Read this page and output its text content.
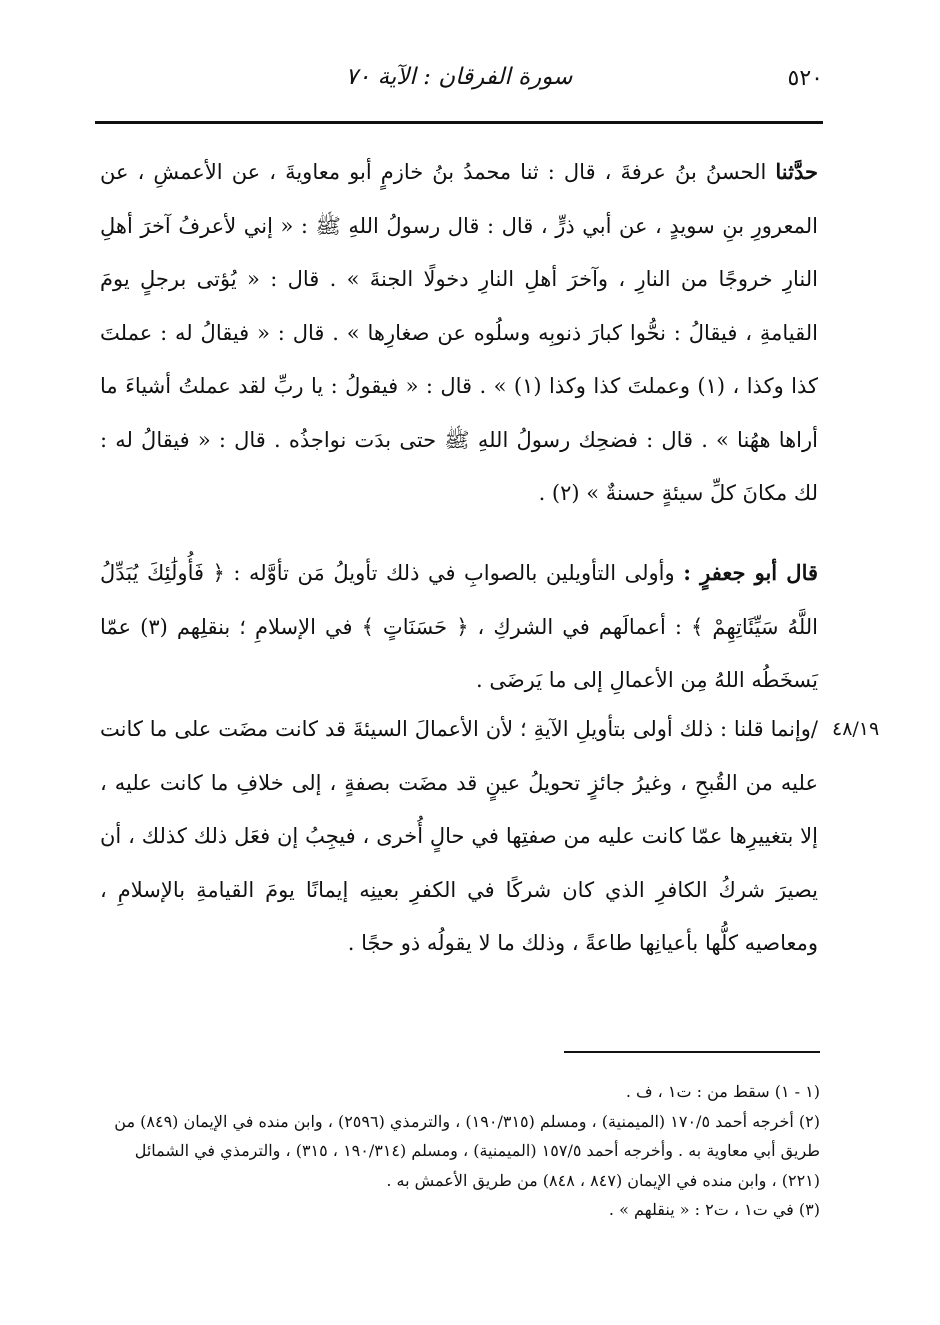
٥٢٠
سورة الفرقان : الآية ٧٠
حدَّثنا الحسنُ بنُ عرفةَ ، قال : ثنا محمدُ بنُ خازمٍ أبو معاويةَ ، عن الأعمشِ ، عن المعرورِ بنِ سويدٍ ، عن أبي ذرٍّ ، قال : قال رسولُ اللهِ ﷺ : « إني لأعرفُ آخرَ أهلِ النارِ خروجًا من النارِ ، وآخرَ أهلِ النارِ دخولًا الجنةَ » . قال : « يُؤتى برجلٍ يومَ القيامةِ ، فيقالُ : نحُّوا كبارَ ذنوبِه وسلُوه عن صغارِها » . قال : « فيقالُ له : عملتَ كذا وكذا ، (١) وعملتَ كذا وكذا (١) » . قال : « فيقولُ : يا ربِّ لقد عملتُ أشياءَ ما أراها ههُنا » . قال : فضحِك رسولُ اللهِ ﷺ حتى بدَت نواجذُه . قال : « فيقالُ له : لك مكانَ كلِّ سيئةٍ حسنةٌ » (٢) .
قال أبو جعفرٍ : وأولى التأويلين بالصوابِ في ذلك تأويلُ مَن تأوَّله : ﴿ فَأُولَٰئِكَ يُبَدِّلُ اللَّهُ سَيِّئَاتِهِمْ ﴾ : أعمالَهم في الشركِ ، ﴿ حَسَنَاتٍ ﴾ في الإسلامِ ؛ بنقلِهم (٣) عمّا يَسخَطُه اللهُ مِن الأعمالِ إلى ما يَرضَى .
٤٨/١٩
/وإنما قلنا : ذلك أولى بتأويلِ الآيةِ ؛ لأن الأعمالَ السيئةَ قد كانت مضَت على ما كانت عليه من القُبحِ ، وغيرُ جائزٍ تحويلُ عينٍ قد مضَت بصفةٍ ، إلى خلافِ ما كانت عليه ، إلا بتغييرِها عمّا كانت عليه من صفتِها في حالٍ أُخرى ، فيجِبُ إن فعَل ذلك كذلك ، أن يصيرَ شركُ الكافرِ الذي كان شركًا في الكفرِ بعينِه إيمانًا يومَ القيامةِ بالإسلامِ ، ومعاصيه كلُّها بأعيانِها طاعةً ، وذلك ما لا يقولُه ذو حجًا .

(١ - ١) سقط من : ت١ ، ف .

(٢) أخرجه أحمد ١٧٠/٥ (الميمنية) ، ومسلم (١٩٠/٣١٥) ، والترمذي (٢٥٩٦) ، وابن منده في الإيمان (٨٤٩) من طريق أبي معاوية به . وأخرجه أحمد ١٥٧/٥ (الميمنية) ، ومسلم (١٩٠/٣١٤ ، ٣١٥) ، والترمذي في الشمائل (٢٢١) ، وابن منده في الإيمان (٨٤٧ ، ٨٤٨) من طريق الأعمش به .

(٣) في ت١ ، ت٢ : « ينقلهم » .
